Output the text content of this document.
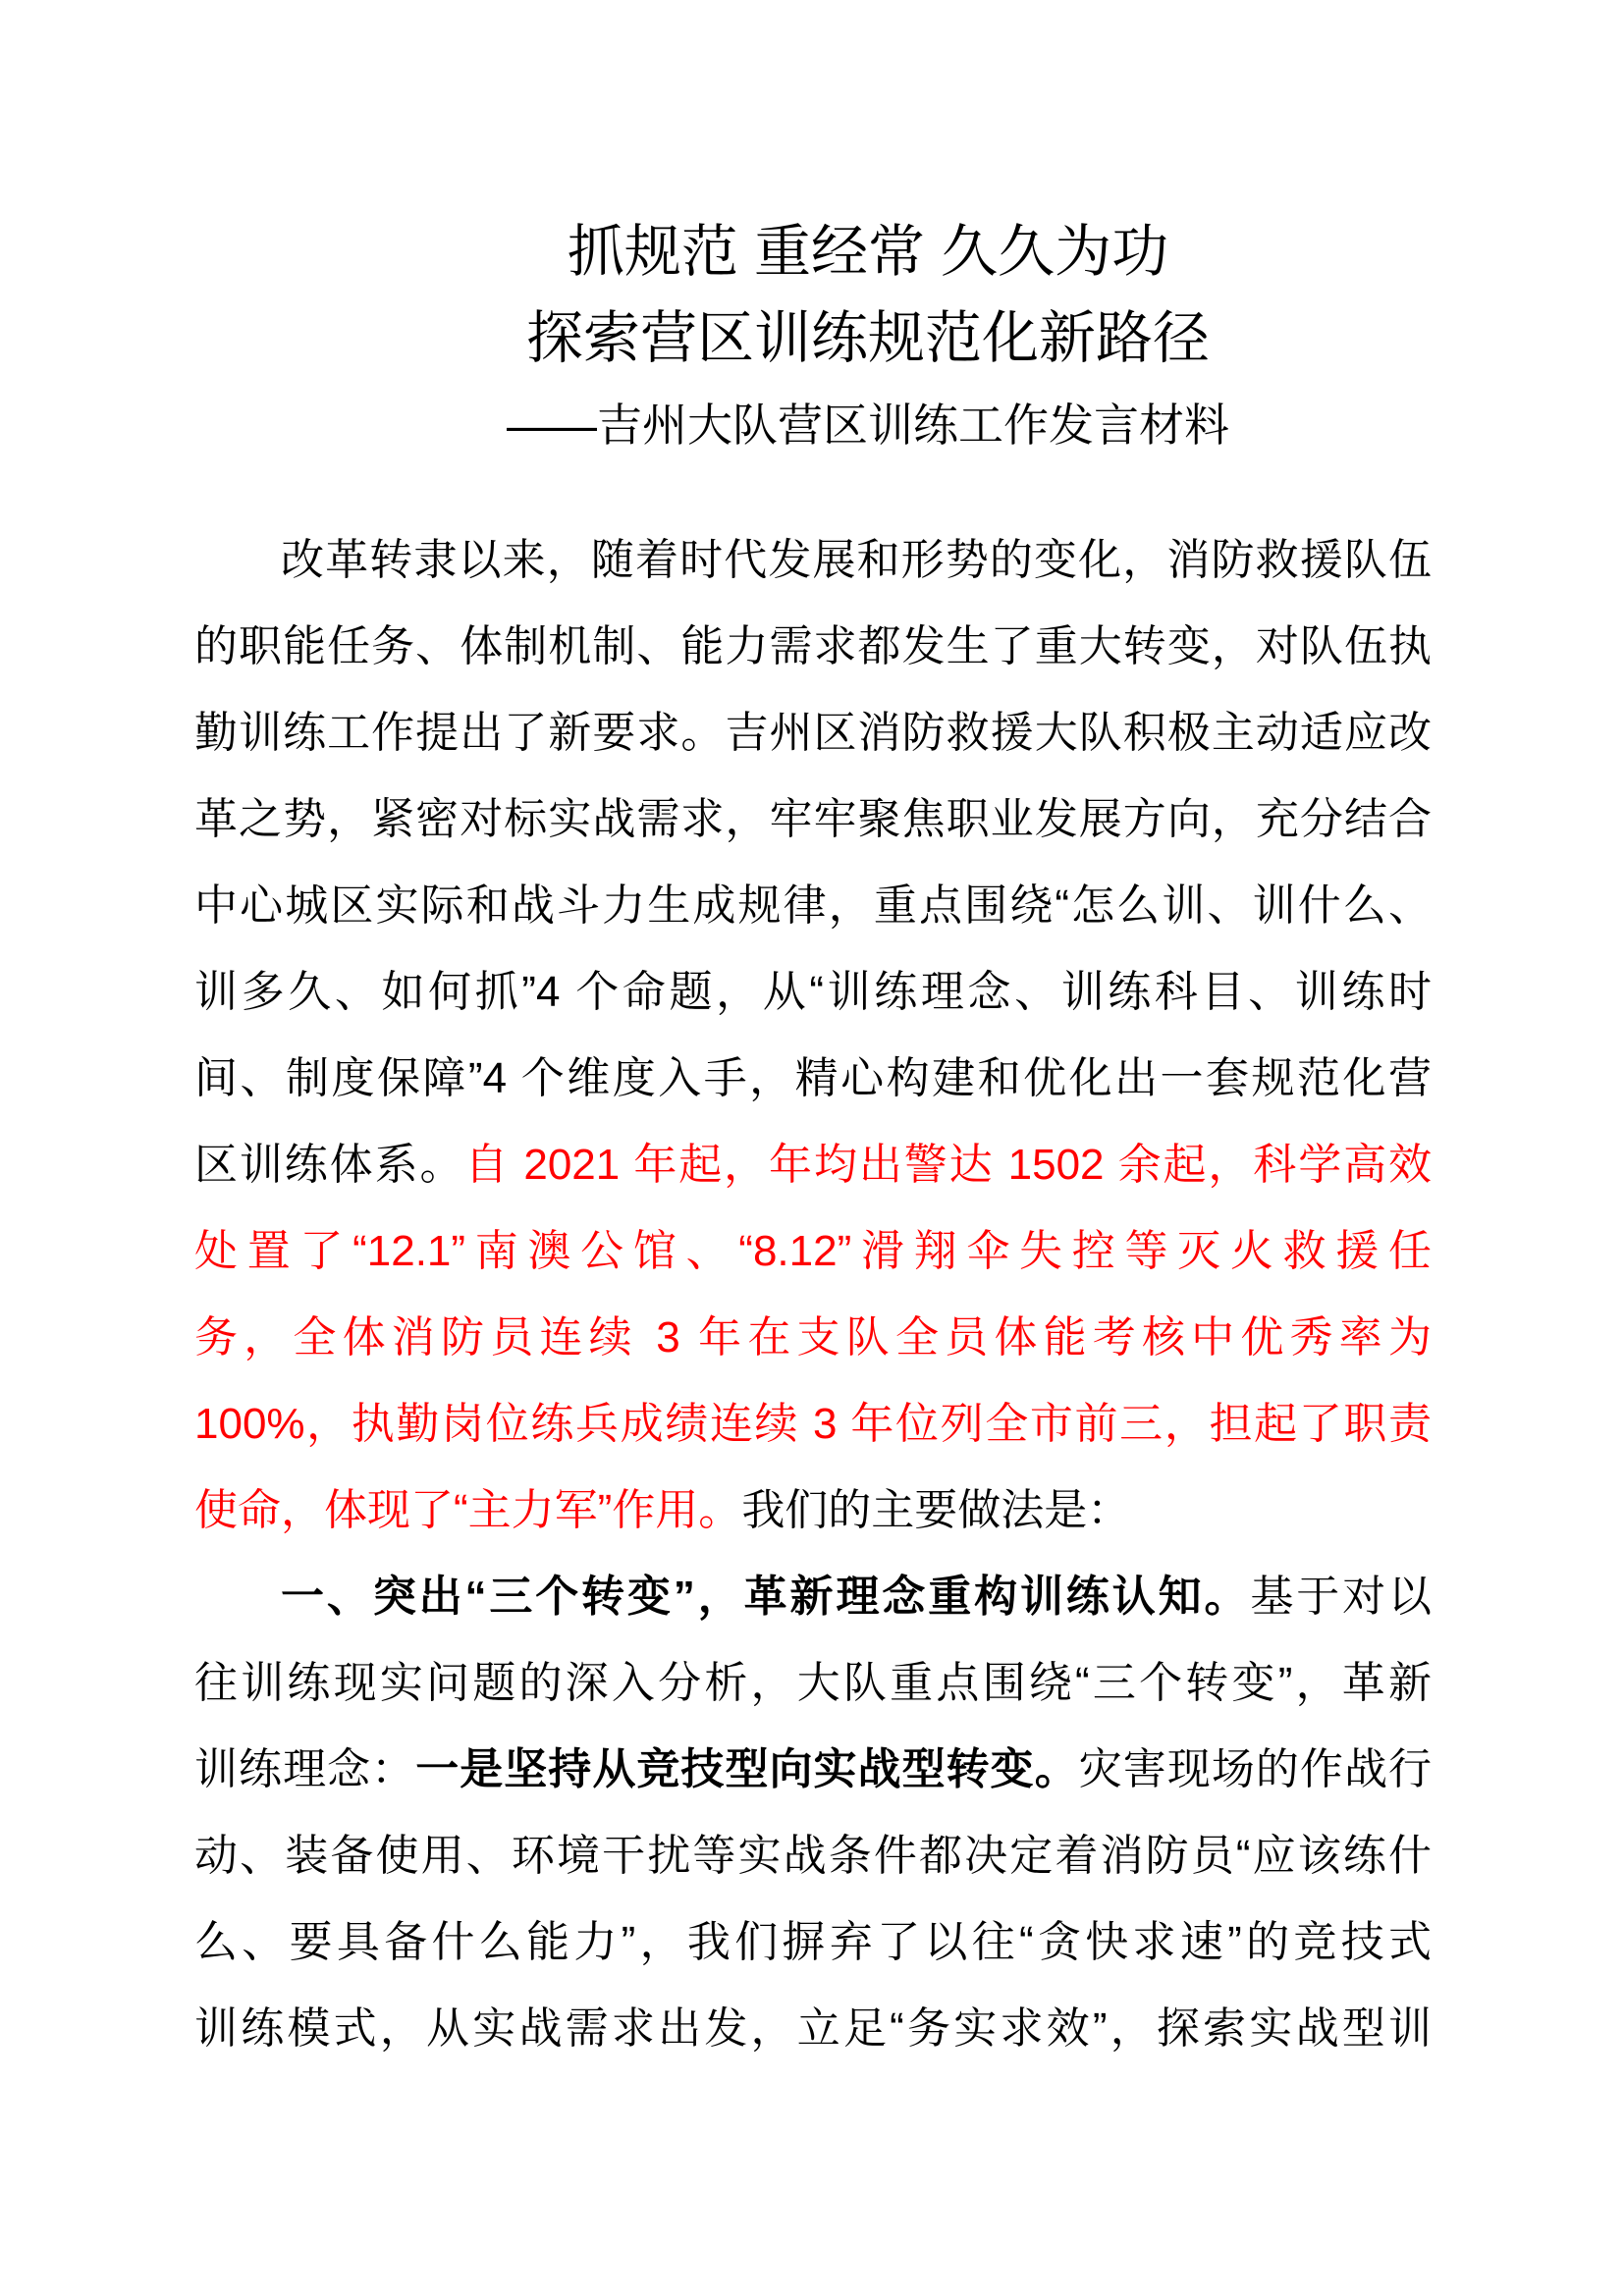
抓规范 重经常 久久为功
探索营区训练规范化新路径
——吉州大队营区训练工作发言材料
改革转隶以来，随着时代发展和形势的变化，消防救援队伍
的职能任务、体制机制、能力需求都发生了重大转变，对队伍执
勤训练工作提出了新要求。吉州区消防救援大队积极主动适应改
革之势，紧密对标实战需求，牢牢聚焦职业发展方向，充分结合
中心城区实际和战斗力生成规律，重点围绕“怎么训、训什么、
训多久、如何抓”4 个命题，从“训练理念、训练科目、训练时
间、制度保障”4 个维度入手，精心构建和优化出一套规范化营
区训练体系。自 2021 年起，年均出警达 1502 余起，科学高效
处置了“12.1”南澳公馆、“8.12”滑翔伞失控等灭火救援任
务，全体消防员连续 3 年在支队全员体能考核中优秀率为
100%，执勤岗位练兵成绩连续 3 年位列全市前三，担起了职责
使命，体现了“主力军”作用。我们的主要做法是：
一、突出“三个转变”，革新理念重构训练认知。基于对以
往训练现实问题的深入分析，大队重点围绕“三个转变”，革新
训练理念：一是坚持从竞技型向实战型转变。灾害现场的作战行
动、装备使用、环境干扰等实战条件都决定着消防员“应该练什
么、要具备什么能力”，我们摒弃了以往“贪快求速”的竞技式
训练模式，从实战需求出发，立足“务实求效”，探索实战型训
